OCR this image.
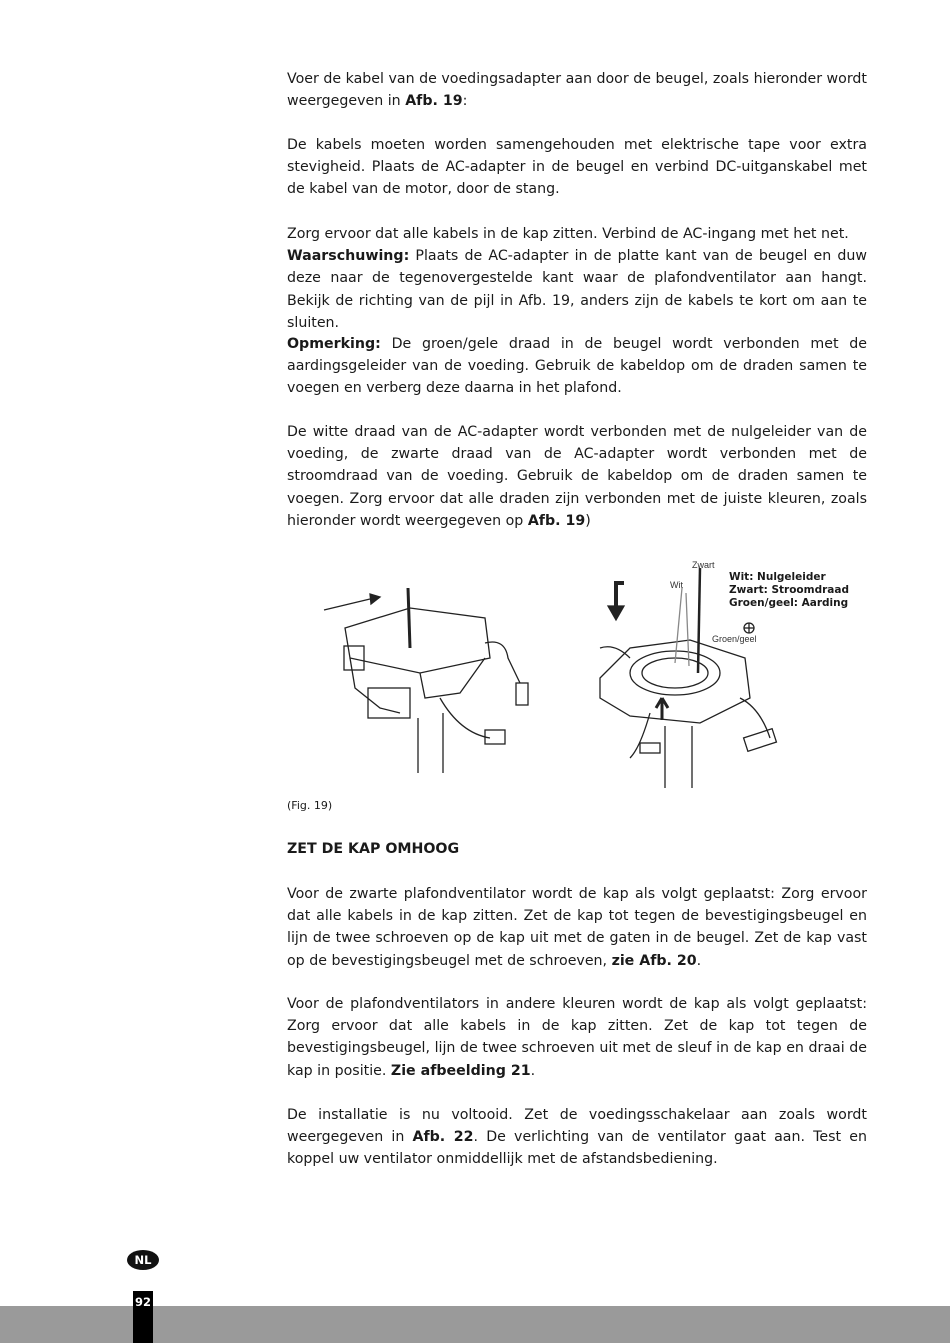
Voer de kabel van de voedingsadapter aan door de beugel, zoals hieronder wordt weergegeven in Afb. 19:

De kabels moeten worden samengehouden met elektrische tape voor extra stevigheid. Plaats de AC-adapter in de beugel en verbind DC-uitganskabel met de kabel van de motor, door de stang.

Zorg ervoor dat alle kabels in de kap zitten. Verbind de AC-ingang met het net.
Waarschuwing: Plaats de AC-adapter in de platte kant van de beugel en duw deze naar de tegenovergestelde kant waar de plafondventilator aan hangt. Bekijk de richting van de pijl in Afb. 19, anders zijn de kabels te kort om aan te sluiten.

Opmerking: De groen/gele draad in de beugel wordt verbonden met de aardingsgeleider van de voeding. Gebruik de kabeldop om de draden samen te voegen en verberg deze daarna in het plafond.

De witte draad van de AC-adapter wordt verbonden met de nulgeleider van de voeding, de zwarte draad van de AC-adapter wordt verbonden met de stroomdraad van de voeding. Gebruik de kabeldop om de draden samen te voegen. Zorg ervoor dat alle draden zijn verbonden met de juiste kleuren, zoals hieronder wordt weergegeven op Afb. 19)

Zwart
Wit
Groen/geel
Wit: Nulgeleider
Zwart: Stroomdraad
Groen/geel: Aarding
(Fig. 19)
ZET DE KAP OMHOOG

Voor de zwarte plafondventilator wordt de kap als volgt geplaatst: Zorg ervoor dat alle kabels in de kap zitten. Zet de kap tot tegen de bevestigingsbeugel en lijn de twee schroeven op de kap uit met de gaten in de beugel. Zet de kap vast op de bevestigingsbeugel met de schroeven, zie Afb. 20.

Voor de plafondventilators in andere kleuren wordt de kap als volgt geplaatst: Zorg ervoor dat alle kabels in de kap zitten. Zet de kap tot tegen de bevestigingsbeugel, lijn de twee schroeven uit met de sleuf in de kap en draai de kap in positie. Zie afbeelding 21.

De installatie is nu voltooid. Zet de voedingsschakelaar aan zoals wordt weergegeven in Afb. 22. De verlichting van de ventilator gaat aan. Test en koppel uw ventilator onmiddellijk met de afstandsbediening.

NL
92
